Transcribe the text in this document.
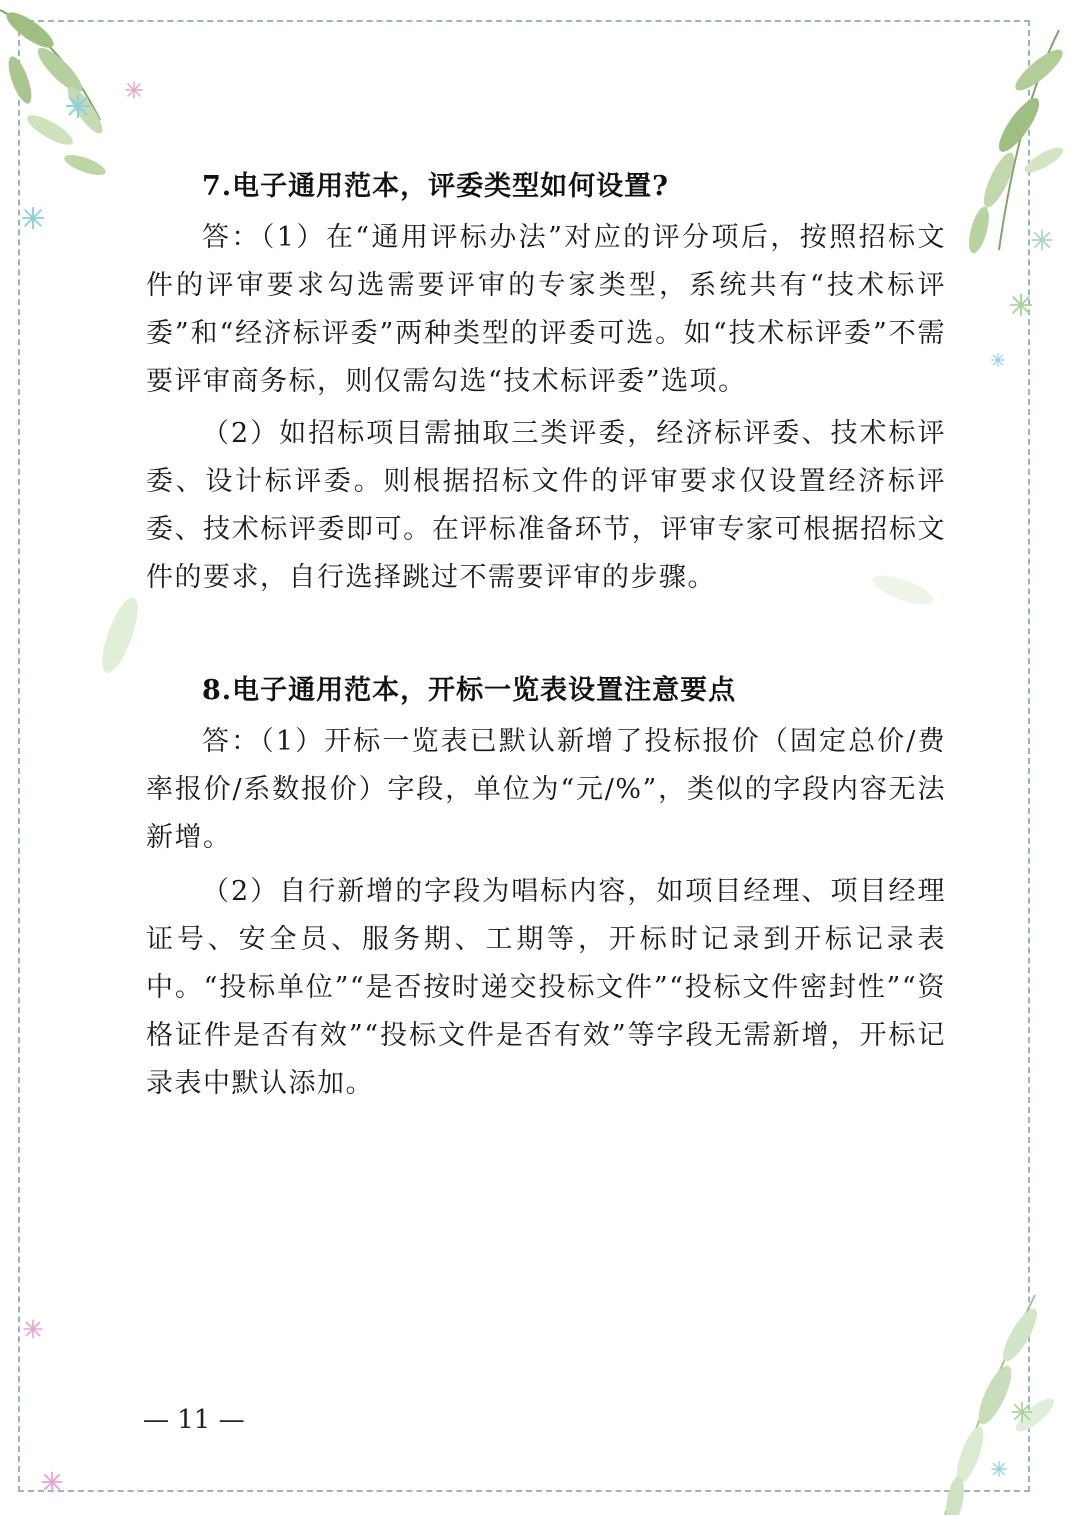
7.电子通用范本，评委类型如何设置?
答：（1）在“通用评标办法”对应的评分项后，按照招标文件的评审要求勾选需要评审的专家类型，系统共有“技术标评委”和“经济标评委”两种类型的评委可选。如“技术标评委”不需要评审商务标，则仅需勾选“技术标评委”选项。
（2）如招标项目需抽取三类评委，经济标评委、技术标评委、设计标评委。则根据招标文件的评审要求仅设置经济标评委、技术标评委即可。在评标准备环节，评审专家可根据招标文件的要求，自行选择跳过不需要评审的步骤。
8.电子通用范本，开标一览表设置注意要点
答：（1）开标一览表已默认新增了投标报价（固定总价/费率报价/系数报价）字段，单位为“元/%”，类似的字段内容无法新增。
（2）自行新增的字段为唱标内容，如项目经理、项目经理证号、安全员、服务期、工期等，开标时记录到开标记录表中。“投标单位”“是否按时递交投标文件”“投标文件密封性”“资格证件是否有效”“投标文件是否有效”等字段无需新增，开标记录表中默认添加。
— 11 —
